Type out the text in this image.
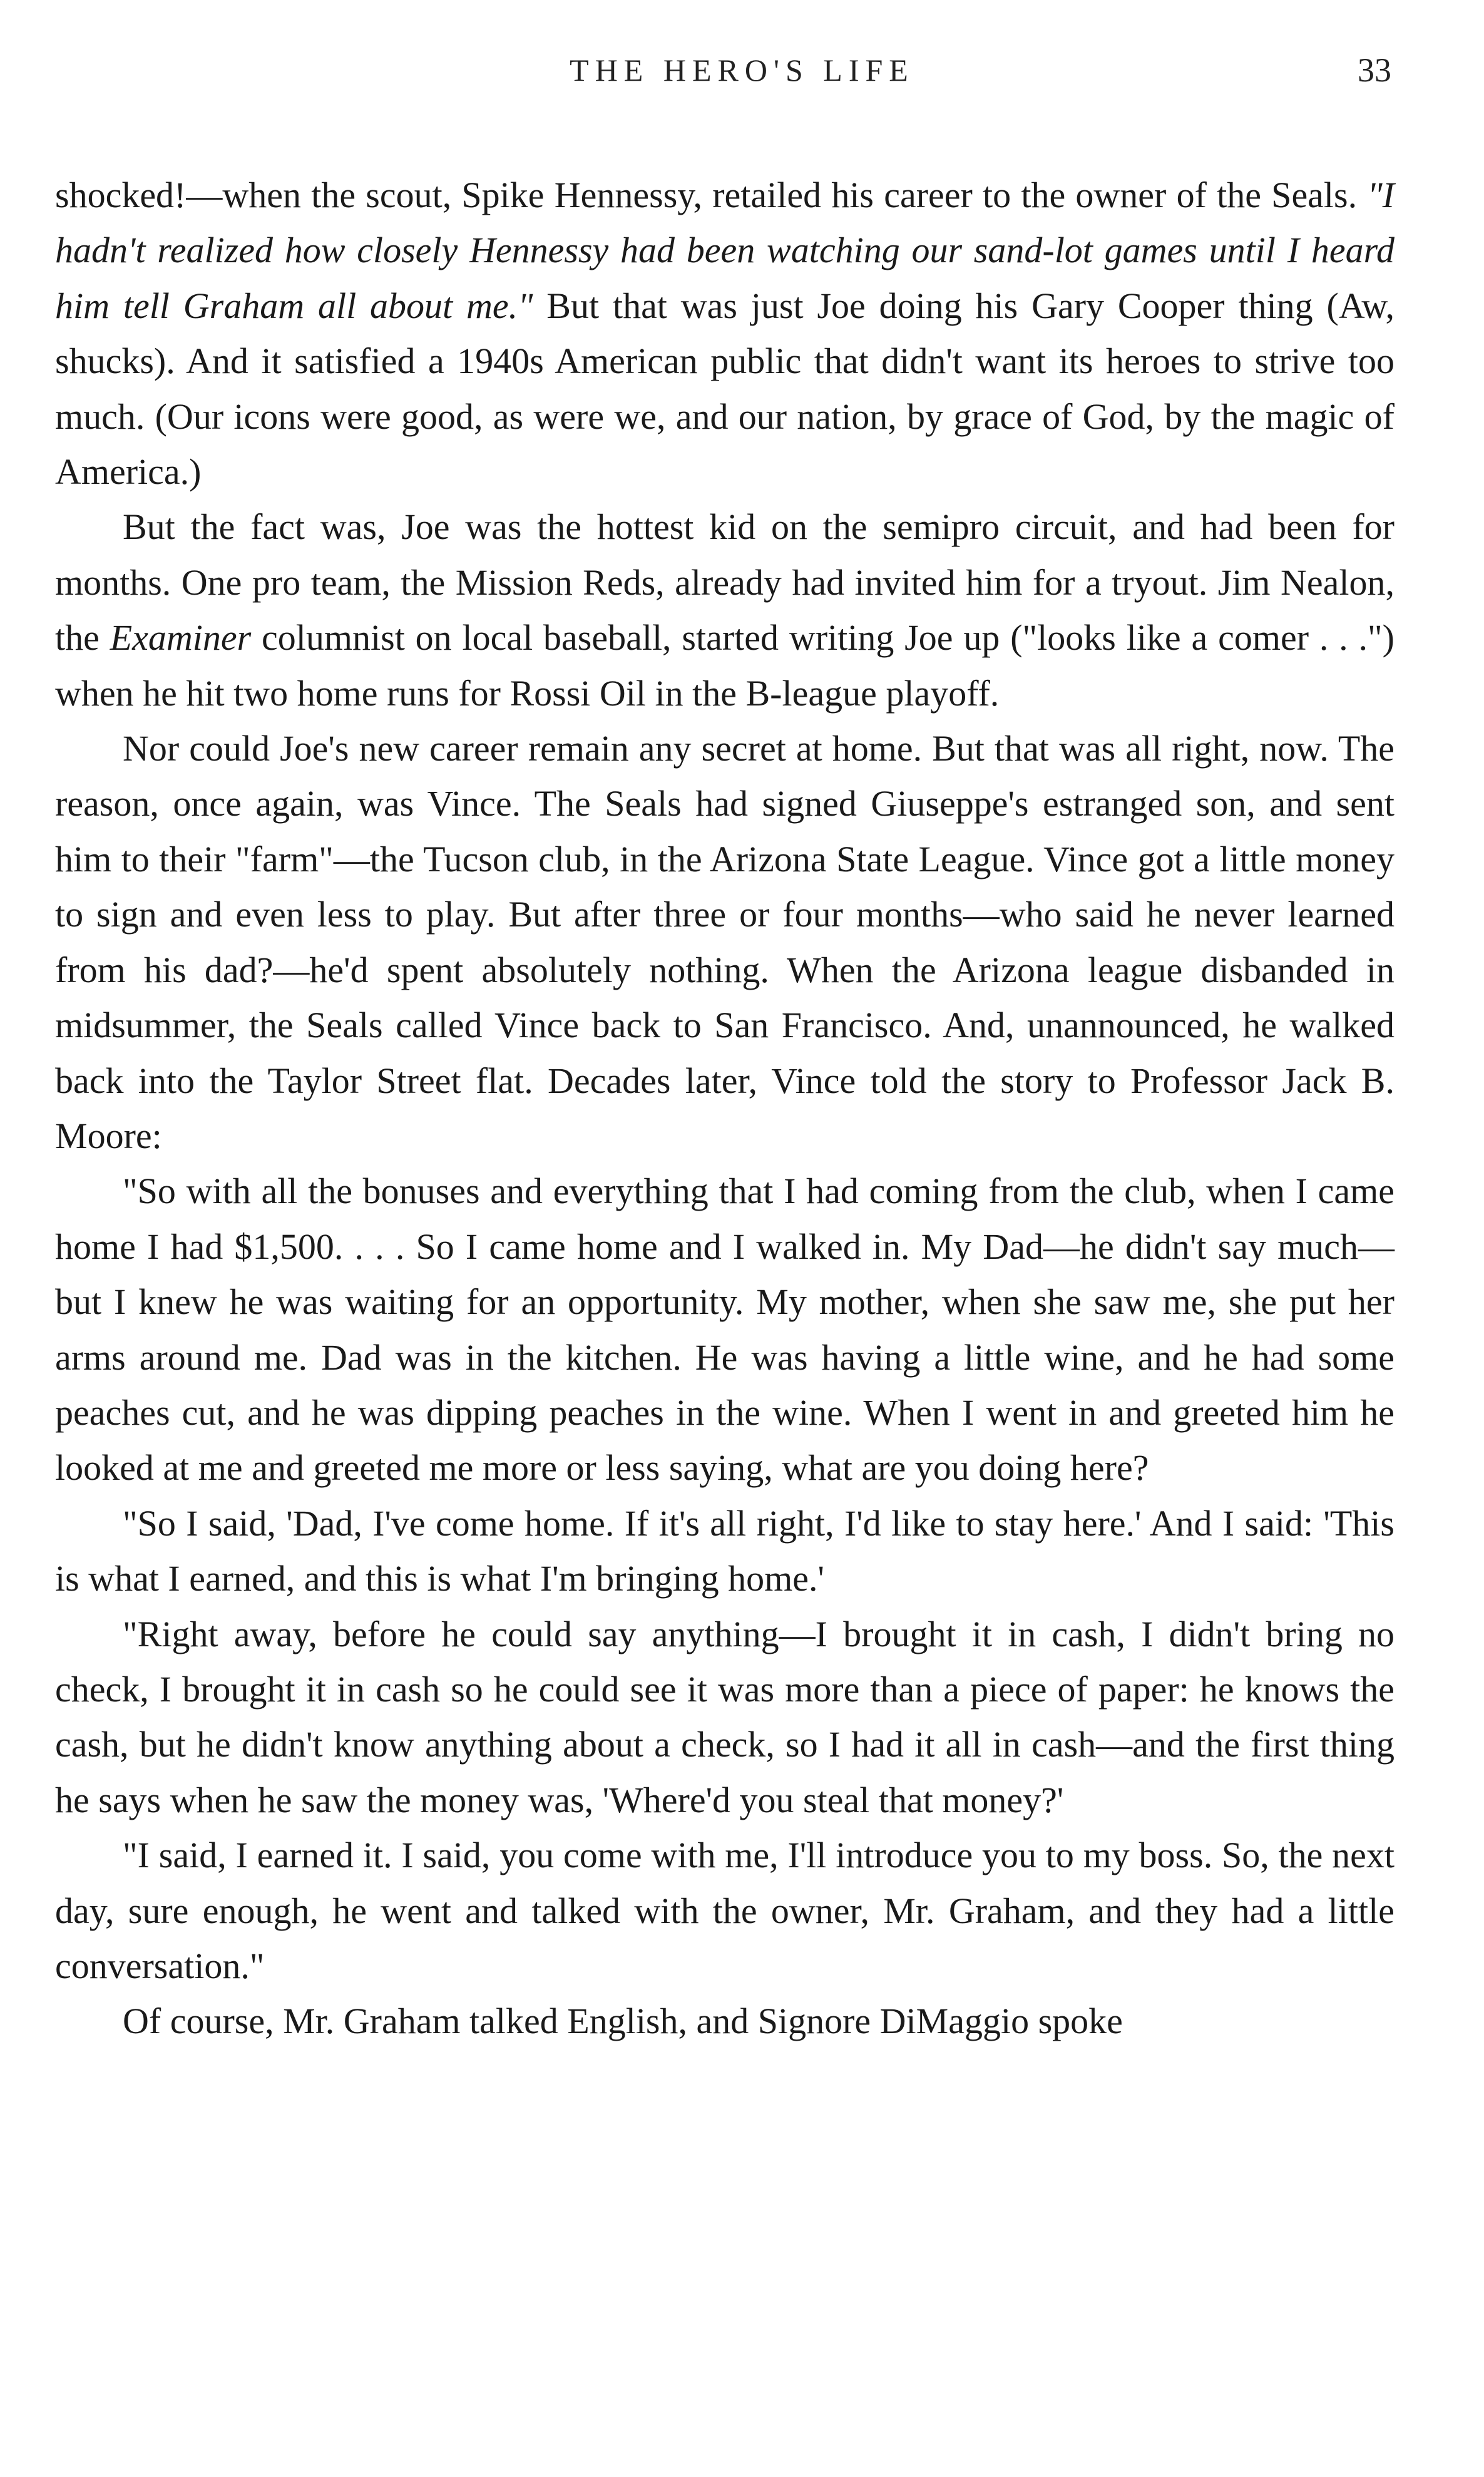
THE HERO'S LIFE	33

shocked!—when the scout, Spike Hennessy, retailed his career to the owner of the Seals. "I hadn't realized how closely Hennessy had been watching our sand-lot games until I heard him tell Graham all about me." But that was just Joe doing his Gary Cooper thing (Aw, shucks). And it satisfied a 1940s American public that didn't want its heroes to strive too much. (Our icons were good, as were we, and our nation, by grace of God, by the magic of America.)

But the fact was, Joe was the hottest kid on the semipro circuit, and had been for months. One pro team, the Mission Reds, already had invited him for a tryout. Jim Nealon, the Examiner columnist on local baseball, started writing Joe up ("looks like a comer . . .") when he hit two home runs for Rossi Oil in the B-league playoff.

Nor could Joe's new career remain any secret at home. But that was all right, now. The reason, once again, was Vince. The Seals had signed Giuseppe's estranged son, and sent him to their "farm"—the Tucson club, in the Arizona State League. Vince got a little money to sign and even less to play. But after three or four months—who said he never learned from his dad?—he'd spent absolutely nothing. When the Arizona league disbanded in midsummer, the Seals called Vince back to San Francisco. And, unannounced, he walked back into the Taylor Street flat. Decades later, Vince told the story to Professor Jack B. Moore:

"So with all the bonuses and everything that I had coming from the club, when I came home I had $1,500. . . . So I came home and I walked in. My Dad—he didn't say much—but I knew he was waiting for an opportunity. My mother, when she saw me, she put her arms around me. Dad was in the kitchen. He was having a little wine, and he had some peaches cut, and he was dipping peaches in the wine. When I went in and greeted him he looked at me and greeted me more or less saying, what are you doing here?

"So I said, 'Dad, I've come home. If it's all right, I'd like to stay here.' And I said: 'This is what I earned, and this is what I'm bringing home.'

"Right away, before he could say anything—I brought it in cash, I didn't bring no check, I brought it in cash so he could see it was more than a piece of paper: he knows the cash, but he didn't know anything about a check, so I had it all in cash—and the first thing he says when he saw the money was, 'Where'd you steal that money?'

"I said, I earned it. I said, you come with me, I'll introduce you to my boss. So, the next day, sure enough, he went and talked with the owner, Mr. Graham, and they had a little conversation."

Of course, Mr. Graham talked English, and Signore DiMaggio spoke
